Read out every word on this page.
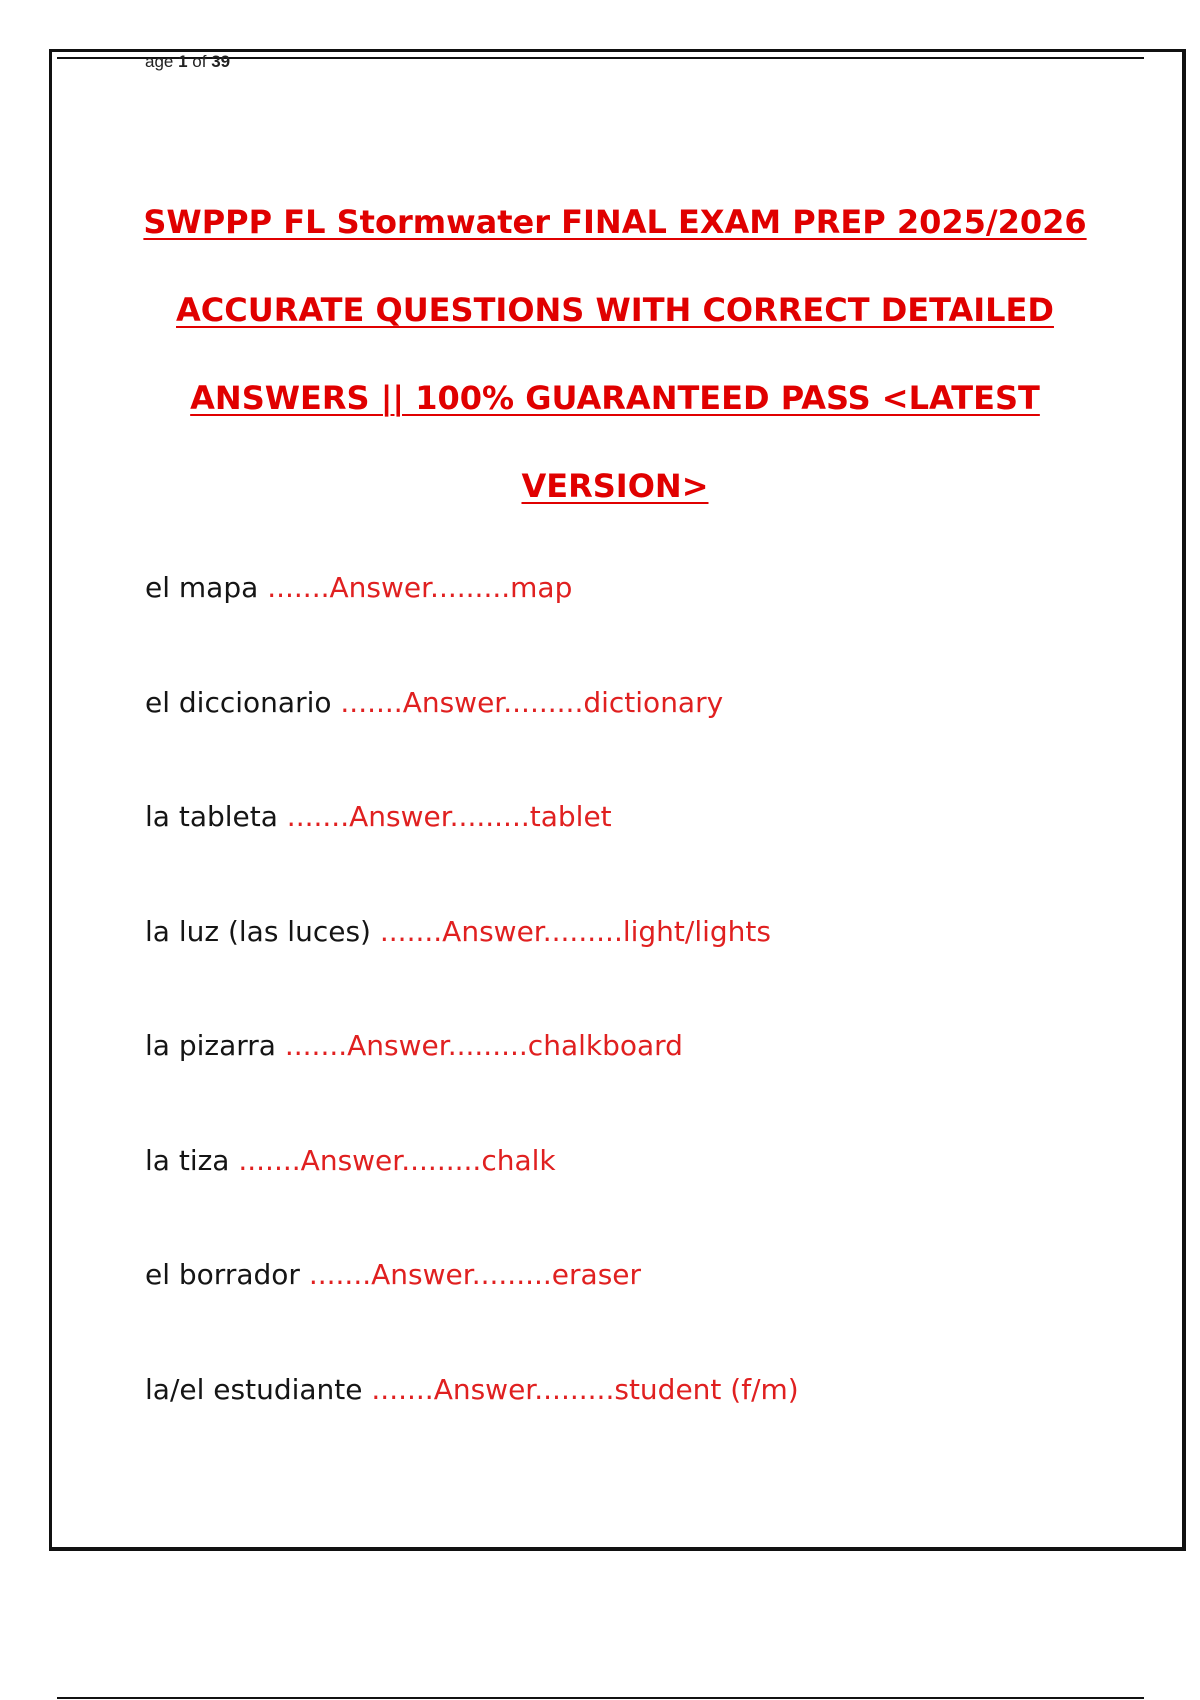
age 1 of 39

SWPPP FL Stormwater FINAL EXAM PREP 2025/2026

ACCURATE QUESTIONS WITH CORRECT DETAILED

ANSWERS || 100% GUARANTEED PASS <LATEST

VERSION>

el mapa .......Answer.........map
el diccionario .......Answer.........dictionary
la tableta .......Answer.........tablet
la luz (las luces) .......Answer.........light/lights
la pizarra .......Answer.........chalkboard
la tiza .......Answer.........chalk
el borrador .......Answer.........eraser
la/el estudiante .......Answer.........student (f/m)
